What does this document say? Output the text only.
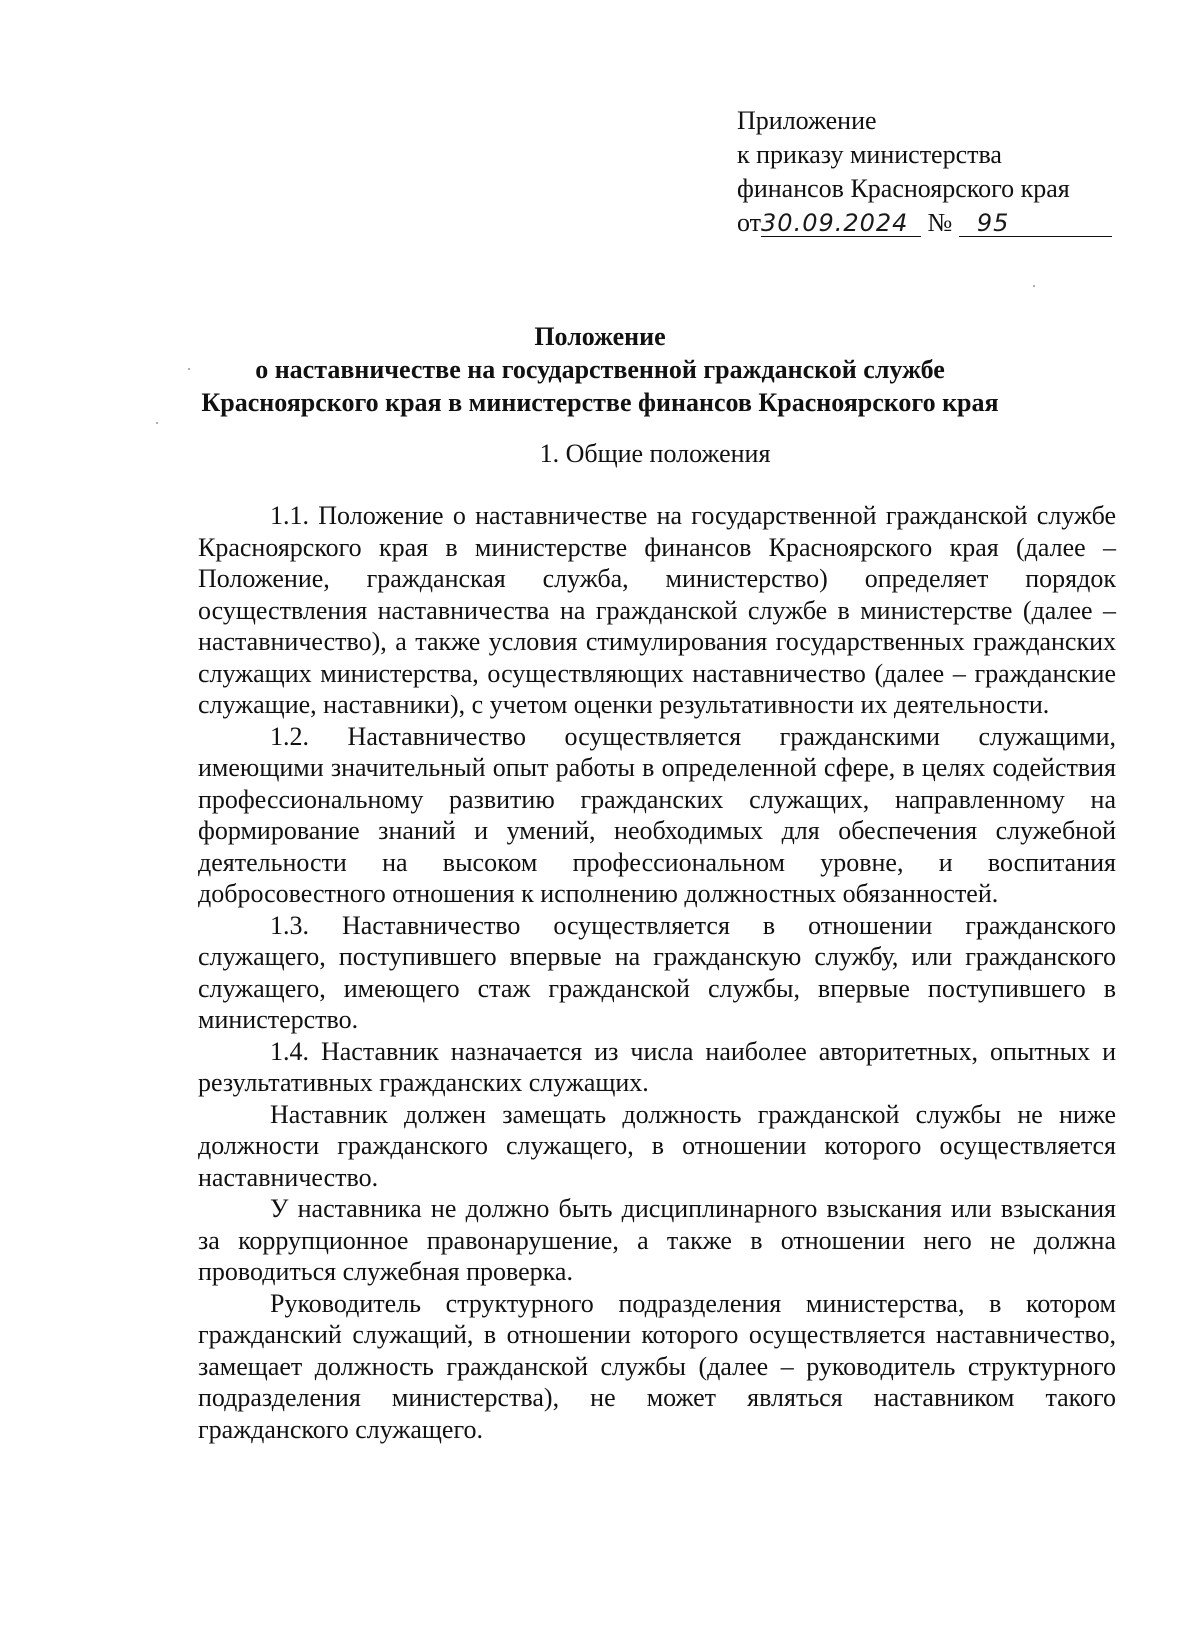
Приложение
к приказу министерства
финансов Красноярского края
от30.09.2024 № 95
Положение
о наставничестве на государственной гражданской службе
Красноярского края в министерстве финансов Красноярского края
1. Общие положения

1.1. Положение о наставничестве на государственной гражданской службе Красноярского края в министерстве финансов Красноярского края (далее – Положение, гражданская служба, министерство) определяет порядок осуществления наставничества на гражданской службе в министерстве (далее – наставничество), а также условия стимулирования государственных гражданских служащих министерства, осуществляющих наставничество (далее – гражданские служащие, наставники), с учетом оценки результативности их деятельности.

1.2. Наставничество осуществляется гражданскими служащими, имеющими значительный опыт работы в определенной сфере, в целях содействия профессиональному развитию гражданских служащих, направленному на формирование знаний и умений, необходимых для обеспечения служебной деятельности на высоком профессиональном уровне, и воспитания добросовестного отношения к исполнению должностных обязанностей.

1.3. Наставничество осуществляется в отношении гражданского служащего, поступившего впервые на гражданскую службу, или гражданского служащего, имеющего стаж гражданской службы, впервые поступившего в министерство.

1.4. Наставник назначается из числа наиболее авторитетных, опытных и результативных гражданских служащих.

Наставник должен замещать должность гражданской службы не ниже должности гражданского служащего, в отношении которого осуществляется наставничество.

У наставника не должно быть дисциплинарного взыскания или взыскания за коррупционное правонарушение, а также в отношении него не должна проводиться служебная проверка.

Руководитель структурного подразделения министерства, в котором гражданский служащий, в отношении которого осуществляется наставничество, замещает должность гражданской службы (далее – руководитель структурного подразделения министерства), не может являться наставником такого гражданского служащего.
